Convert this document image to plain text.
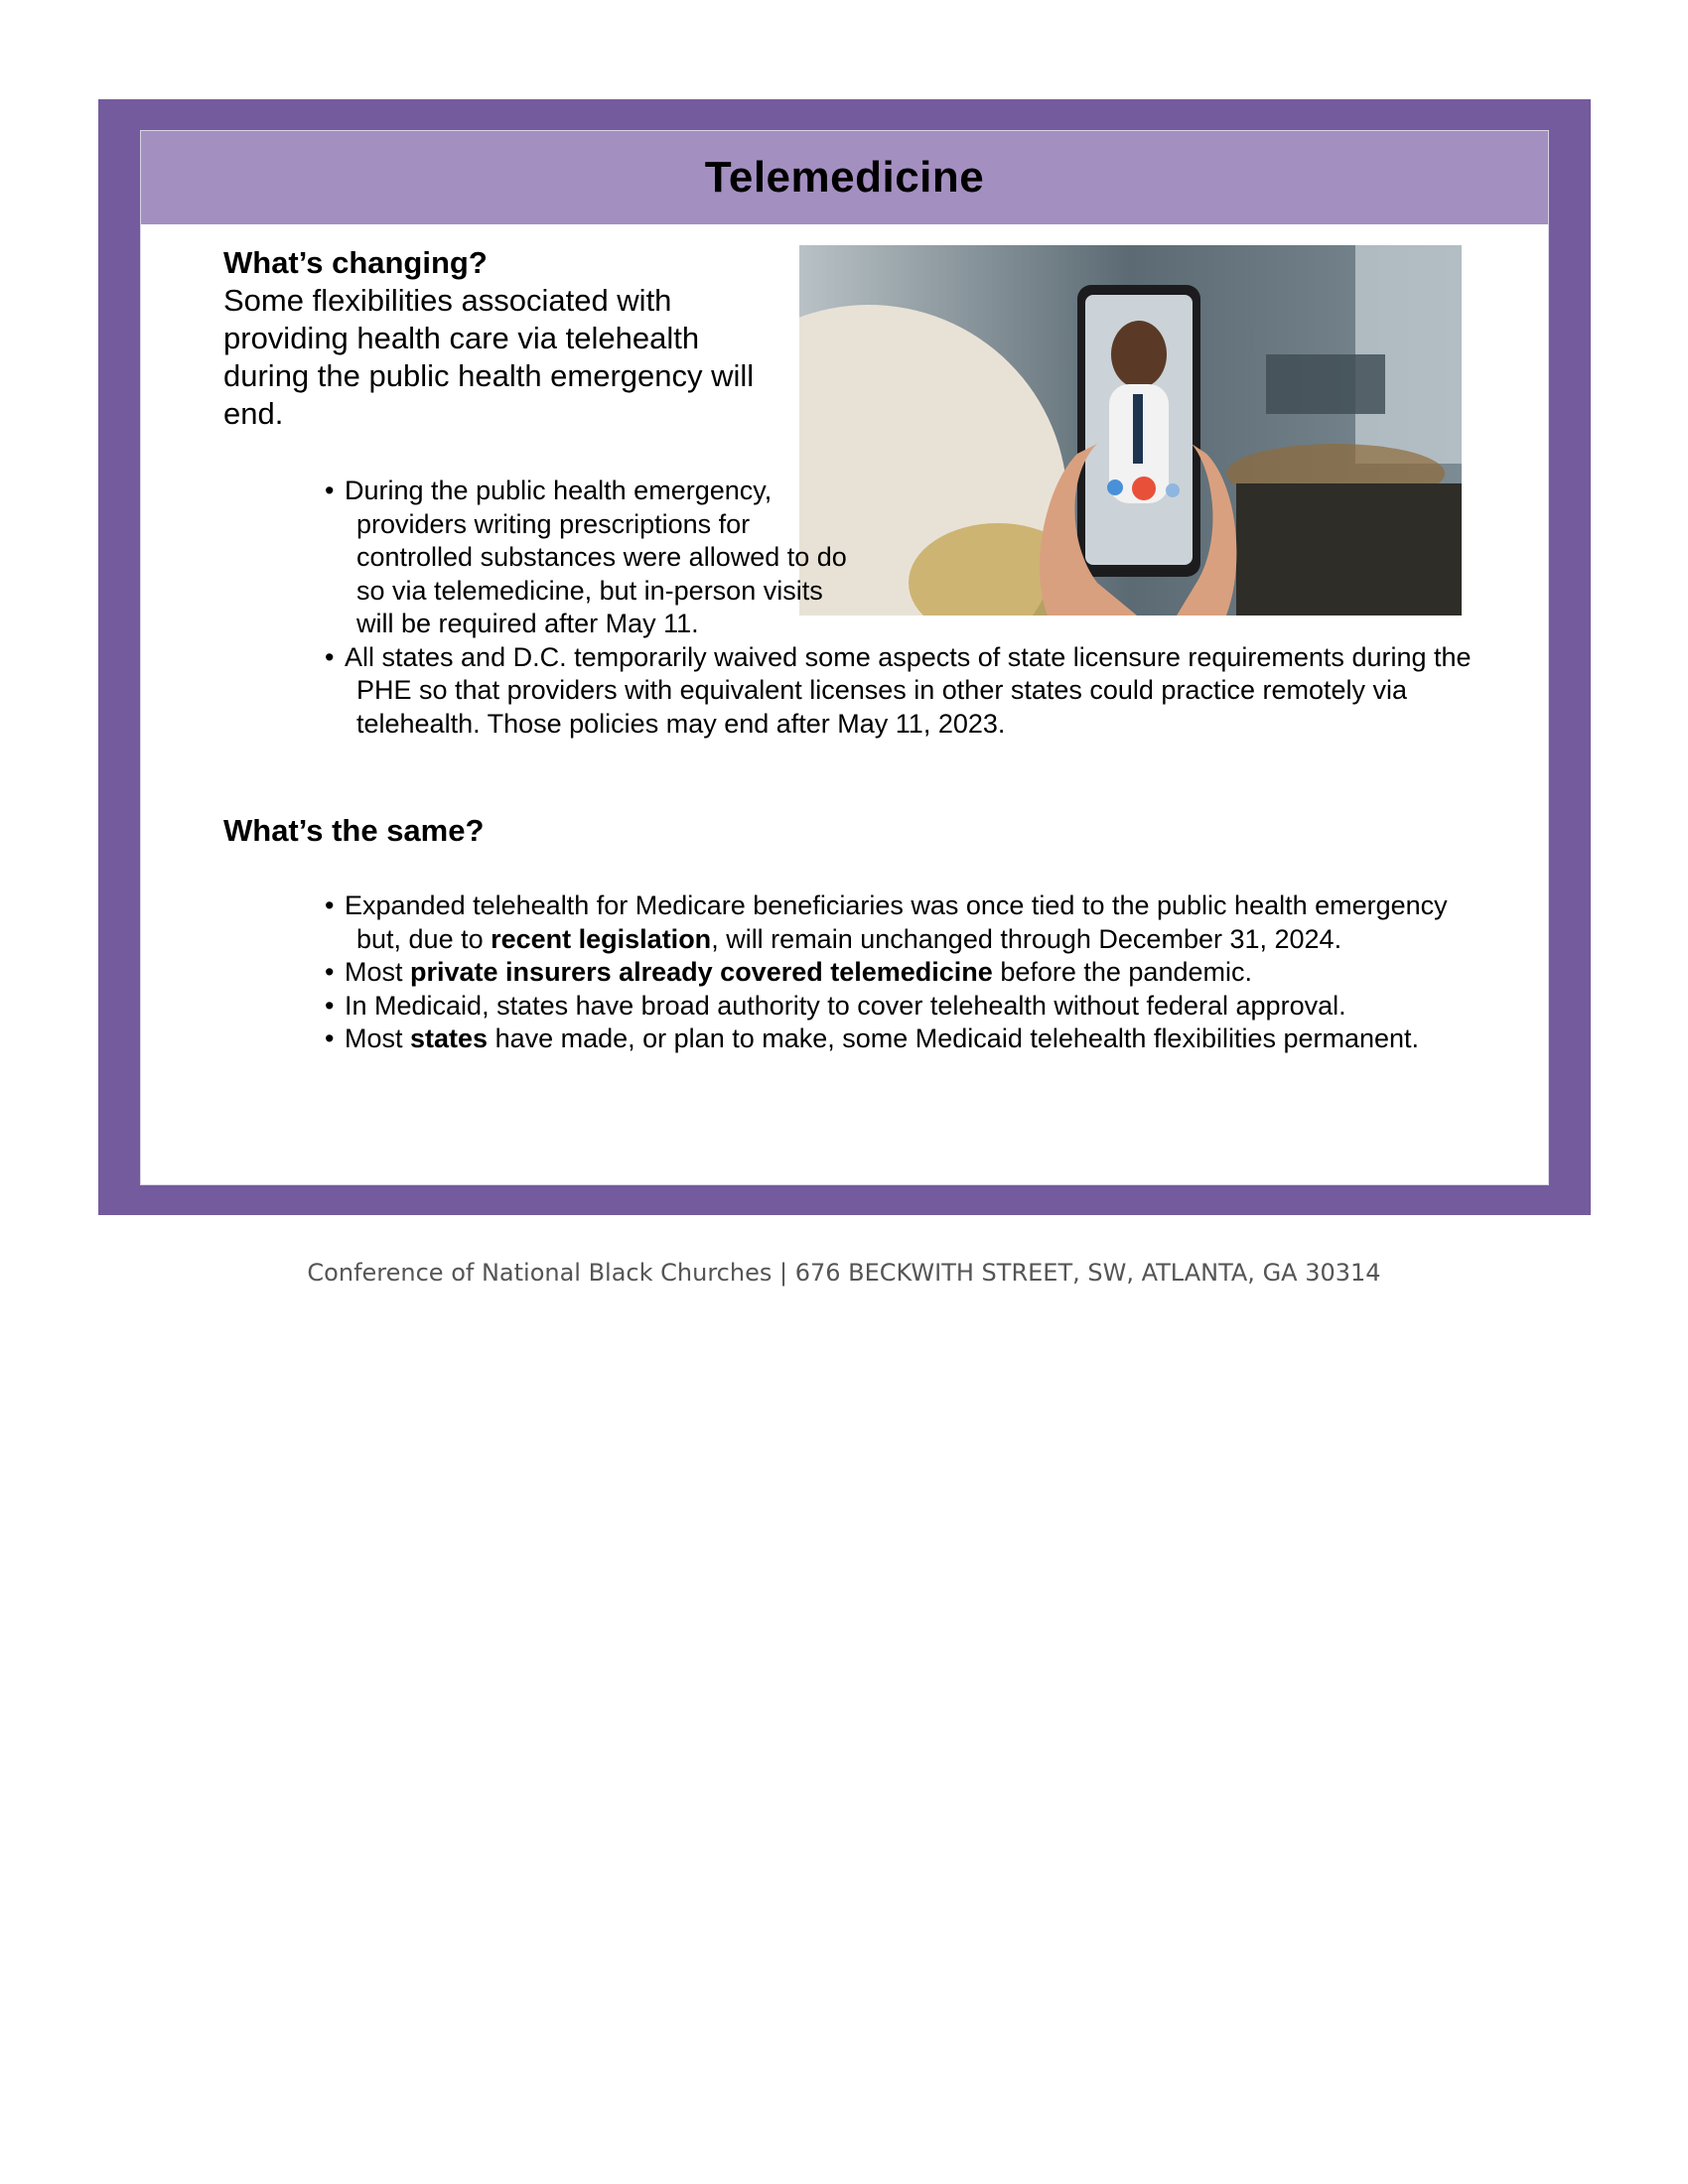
Telemedicine

What’s changing?

Some flexibilities associated with providing health care via telehealth during the public health emergency will end.

• During the public health emergency, providers writing prescriptions for controlled substances were allowed to do so via telemedicine, but in-person visits will be required after May 11.
• All states and D.C. temporarily waived some aspects of state licensure requirements during the PHE so that providers with equivalent licenses in other states could practice remotely via telehealth. Those policies may end after May 11, 2023.

What’s the same?

• Expanded telehealth for Medicare beneficiaries was once tied to the public health emergency but, due to recent legislation, will remain unchanged through December 31, 2024.
• Most private insurers already covered telemedicine before the pandemic.
• In Medicaid, states have broad authority to cover telehealth without federal approval.
• Most states have made, or plan to make, some Medicaid telehealth flexibilities permanent.
Conference of National Black Churches | 676 BECKWITH STREET, SW, ATLANTA, GA 30314
